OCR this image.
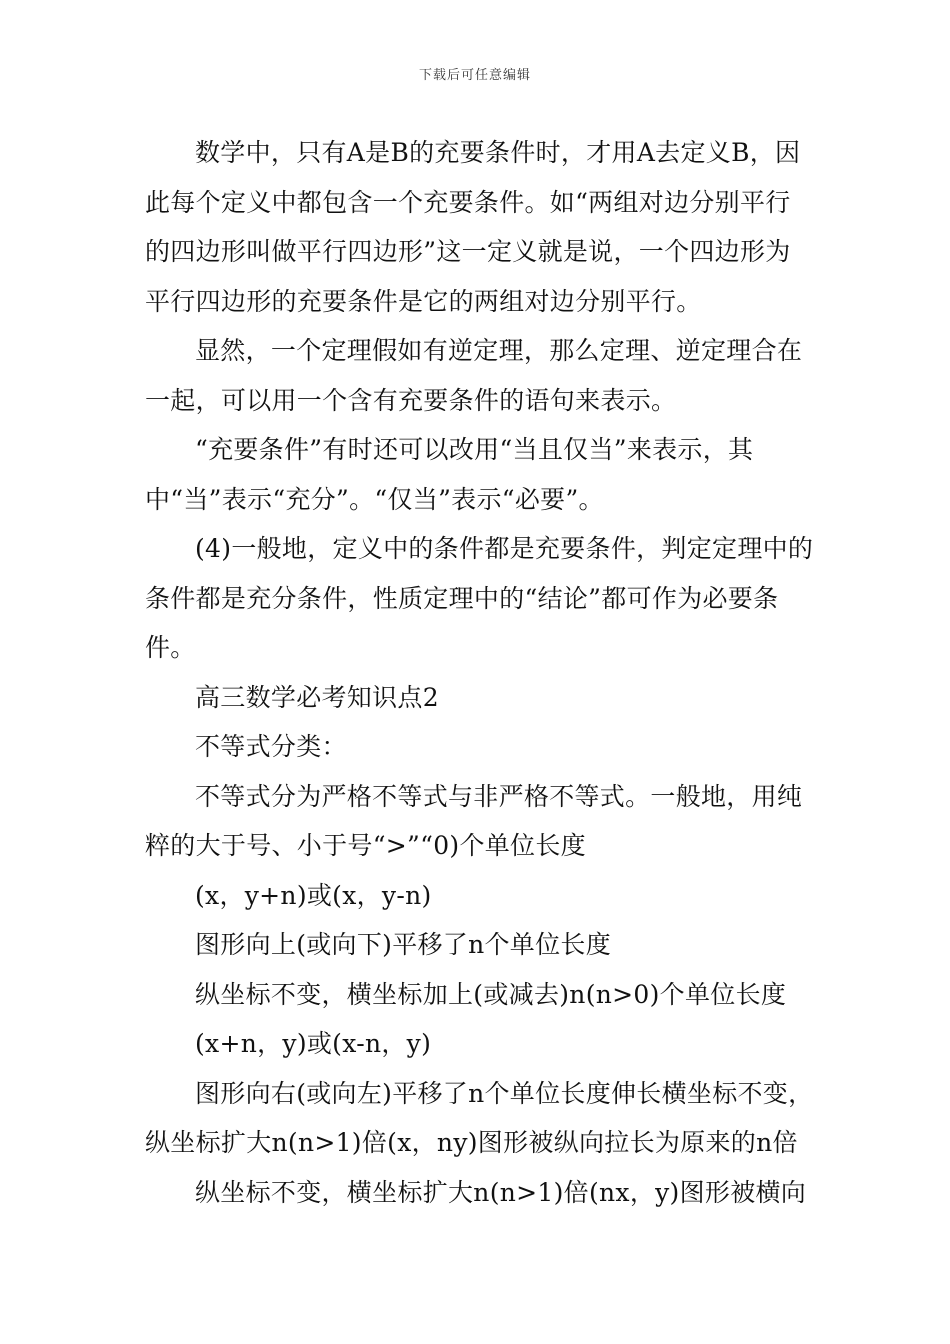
下载后可任意编辑

数学中，只有A是B的充要条件时，才用A去定义B，因此每个定义中都包含一个充要条件。如“两组对边分别平行的四边形叫做平行四边形”这一定义就是说，一个四边形为平行四边形的充要条件是它的两组对边分别平行。

显然，一个定理假如有逆定理，那么定理、逆定理合在一起，可以用一个含有充要条件的语句来表示。

“充要条件”有时还可以改用“当且仅当”来表示，其中“当”表示“充分”。“仅当”表示“必要”。

(4)一般地，定义中的条件都是充要条件，判定定理中的条件都是充分条件，性质定理中的“结论”都可作为必要条件。

高三数学必考知识点2

不等式分类：

不等式分为严格不等式与非严格不等式。一般地，用纯粹的大于号、小于号“>”“0)个单位长度

(x，y+n)或(x，y-n)

图形向上(或向下)平移了n个单位长度

纵坐标不变，横坐标加上(或减去)n(n>0)个单位长度

(x+n，y)或(x-n，y)

图形向右(或向左)平移了n个单位长度伸长横坐标不变，纵坐标扩大n(n>1)倍(x，ny)图形被纵向拉长为原来的n倍

纵坐标不变，横坐标扩大n(n>1)倍(nx，y)图形被横向
